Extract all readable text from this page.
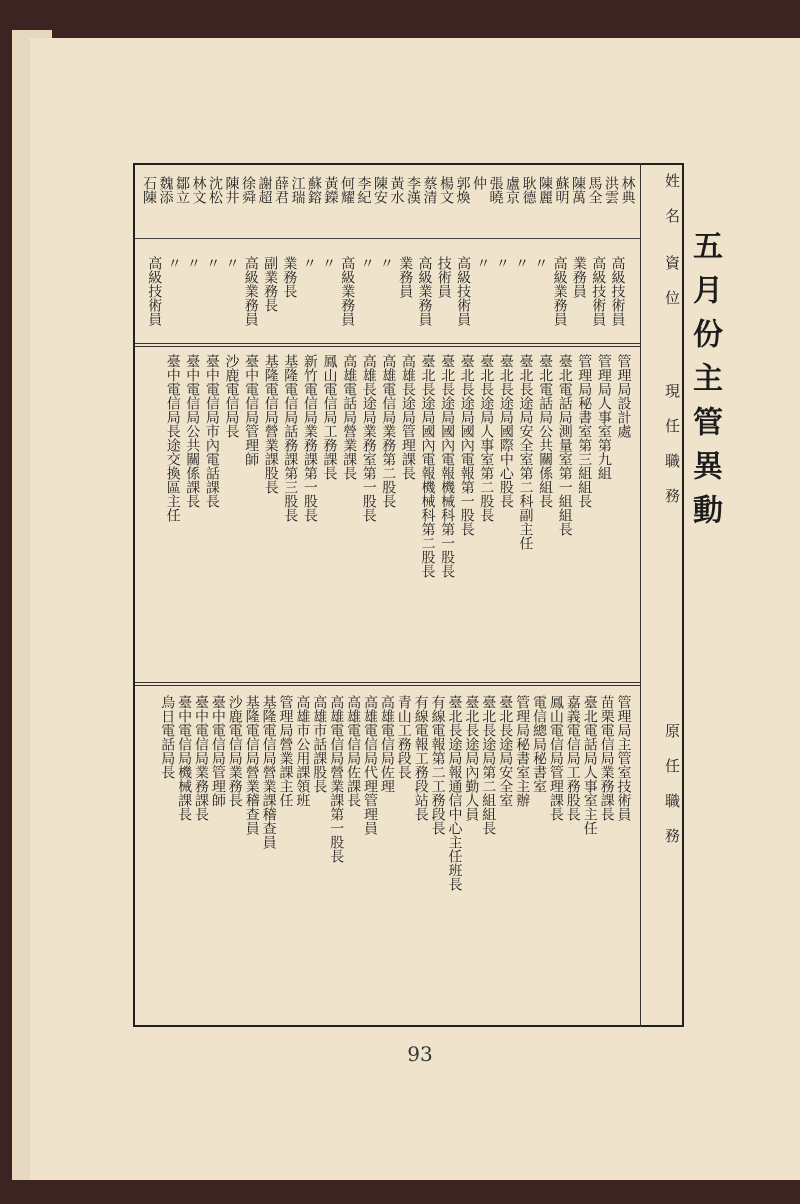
五月份主管異動
姓名
資位
現任職務
原任職務
林典
洪雲
馬全
陳萬
蘇明
陳麗
耿德
盧京
張曉
仲
郭煥
楊文
蔡清
李漢
黃水
陳安
李紀
何耀
黃鑅
蘇鎔
江瑞
薛君
謝超
徐舜
陳井
沈松
林文
鄒立
魏添
石陳
高級技術員
高級技術員
業務員
高級業務員
〃
〃
〃
〃
高級技術員
技術員
高級業務員
業務員
〃
〃
高級業務員
〃
〃
業務長
副業務長
高級業務員
〃
〃
〃
〃
高級技術員
管理局設計處
管理局人事室第九組
管理局秘書室第三組組長
臺北電話局測量室第一組組長
臺北電話局公共關係組長
臺北長途局安全室第二科副主任
臺北長途局國際中心股長
臺北長途局人事室第二股長
臺北長途局國內電報第一股長
臺北長途局國內電報機械科第一股長
臺北長途局國內電報機械科第二股長
高雄長途局管理課長
高雄電信局業務第二股長
高雄長途局業務室第一股長
高雄電話局營業課長
鳳山電信局工務課長
新竹電信局業務課第一股長
基隆電信局話務課第三股長
基隆電信局營業課股長
臺中電信局管理師
沙鹿電信局長
臺中電信局市內電話課長
臺中電信局公共關係課長
臺中電信局長途交換區主任
管理局主管室技術員
苗栗電信局業務課長
臺北電話局人事室主任
嘉義電信局工務股長
鳳山電信局管理課長
電信總局秘書室
管理局秘書室主辦
臺北長途局安全室
臺北長途局第二組組長
臺北長途局內勤人員
臺北長途局報通信中心主任班長
有線電報第二工務段長
有線電報工務段站長
青山工務段長
高雄電信局佐理
高雄電信局代理管理員
高雄電信局佐課長
高雄電信局營業課第一股長
高雄市話課股長
高雄市公用課領班
管理局營業課主任
基隆電信局營業課稽查員
基隆電信局營業稽查員
沙鹿電信局業務長
臺中電信局管理師
臺中電信局業務課長
臺中電信局機械課長
烏日電話局長
93
